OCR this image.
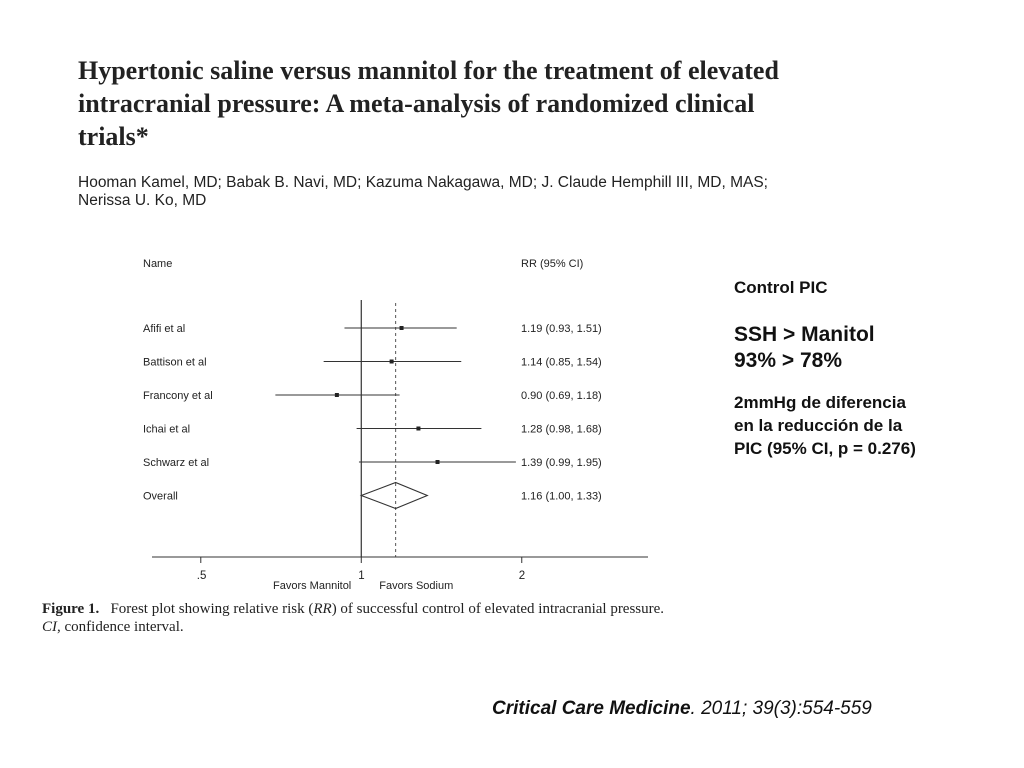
Hypertonic saline versus mannitol for the treatment of elevated
intracranial pressure: A meta-analysis of randomized clinical
trials*
Hooman Kamel, MD; Babak B. Navi, MD; Kazuma Nakagawa, MD; J. Claude Hemphill III, MD, MAS;
Nerissa U. Ko, MD
Name	RR (95% CI)
Afifi et al	1.19 (0.93, 1.51)
Battison et al	1.14 (0.85, 1.54)
Francony et al	0.90 (0.69, 1.18)
Ichai et al	1.28 (0.98, 1.68)
Schwarz et al	1.39 (0.99, 1.95)
Overall	1.16 (1.00, 1.33)
.5	1	2
Favors Mannitol	Favors Sodium
Figure 1. Forest plot showing relative risk (RR) of successful control of elevated intracranial pressure.
CI, confidence interval.
Control PIC
SSH > Manitol
93% > 78%
2mmHg de diferencia
en la reducción de la
PIC (95% CI, p = 0.276)
Critical Care Medicine. 2011; 39(3):554-559
